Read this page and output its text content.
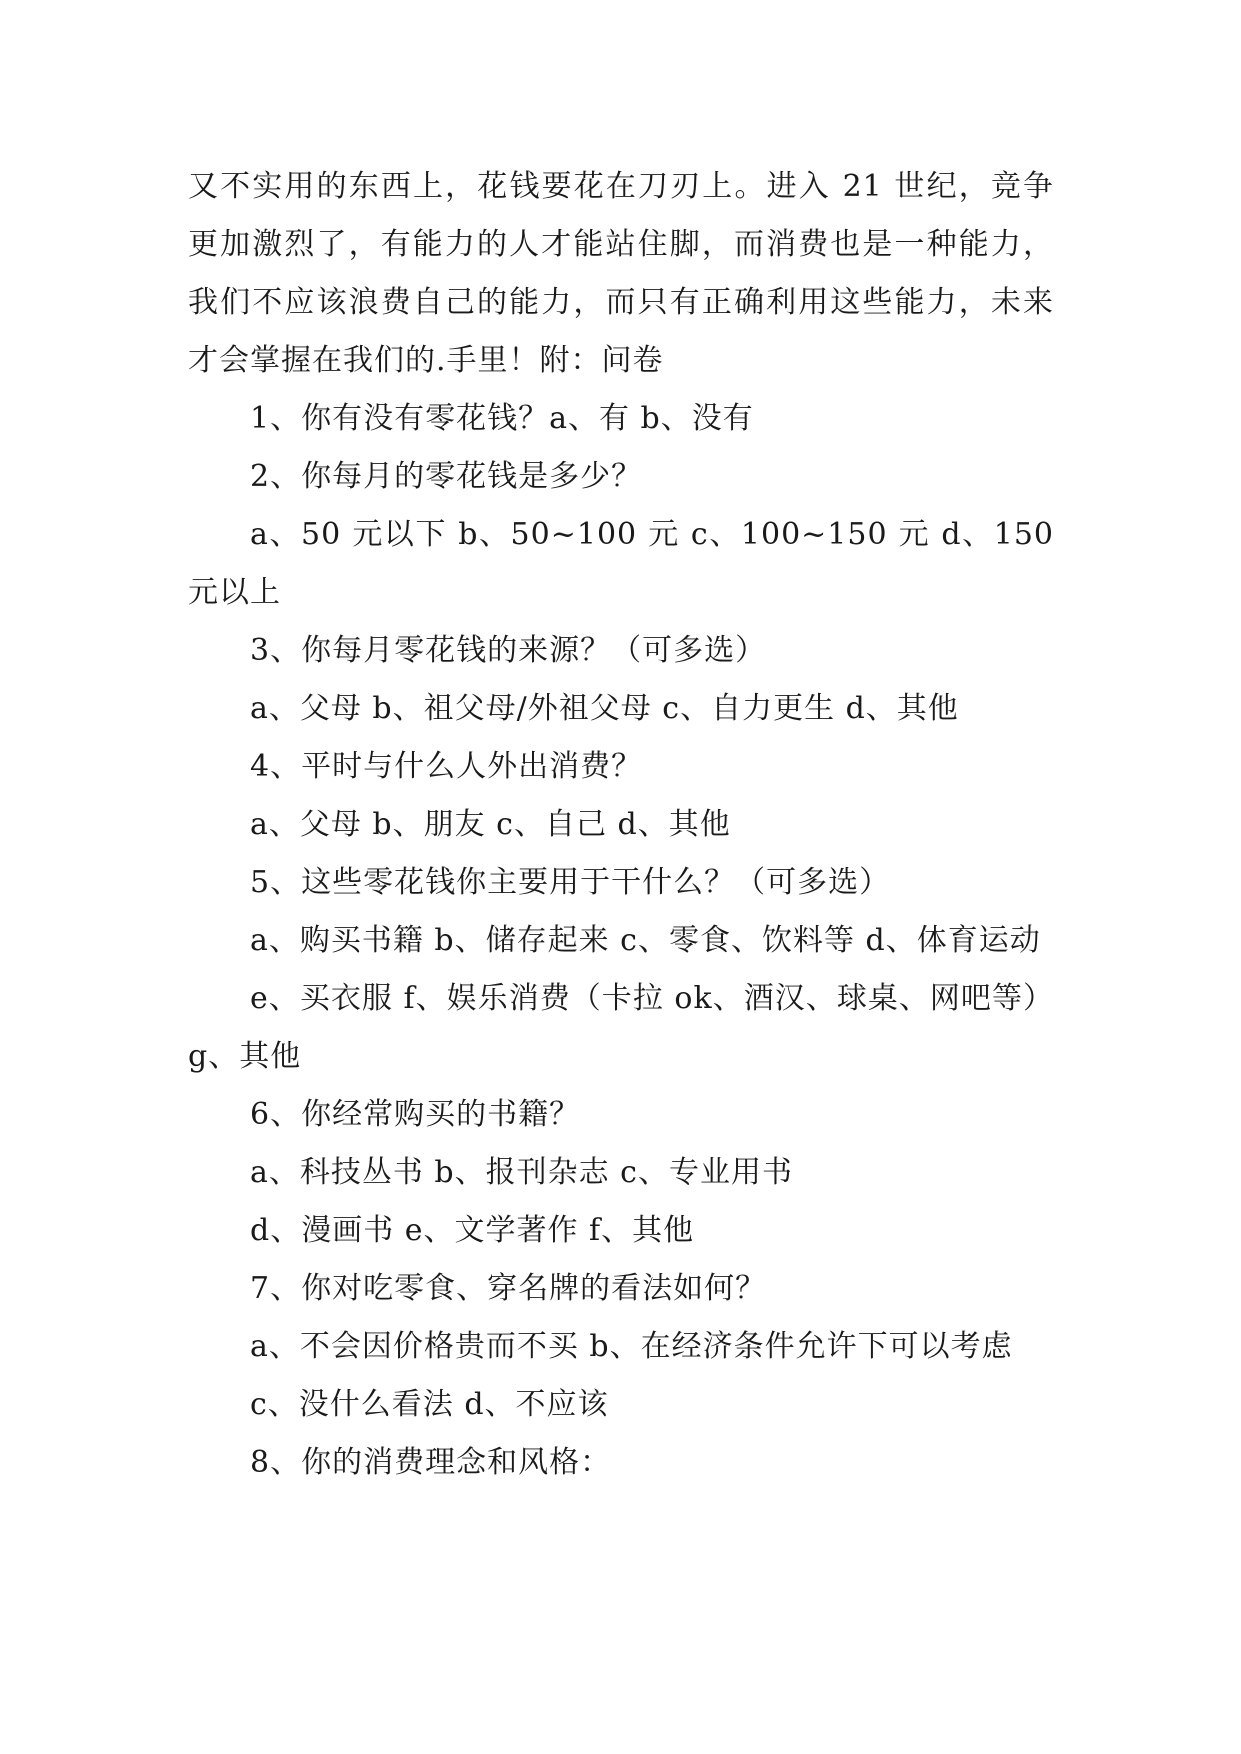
又不实用的东西上，花钱要花在刀刃上。进入 21 世纪，竞争更加激烈了，有能力的人才能站住脚，而消费也是一种能力，我们不应该浪费自己的能力，而只有正确利用这些能力，未来才会掌握在我们的.手里！附：问卷

1、你有没有零花钱？a、有 b、没有

2、你每月的零花钱是多少？

a、50 元以下 b、50~100 元 c、100~150 元 d、150 元以上

3、你每月零花钱的来源？（可多选）

a、父母 b、祖父母/外祖父母 c、自力更生 d、其他

4、平时与什么人外出消费？

a、父母 b、朋友 c、自己 d、其他

5、这些零花钱你主要用于干什么？（可多选）

a、购买书籍 b、储存起来 c、零食、饮料等 d、体育运动

e、买衣服 f、娱乐消费（卡拉 ok、酒汉、球桌、网吧等）g、其他

6、你经常购买的书籍？

a、科技丛书 b、报刊杂志 c、专业用书

d、漫画书 e、文学著作 f、其他

7、你对吃零食、穿名牌的看法如何？

a、不会因价格贵而不买 b、在经济条件允许下可以考虑

c、没什么看法 d、不应该

8、你的消费理念和风格：
